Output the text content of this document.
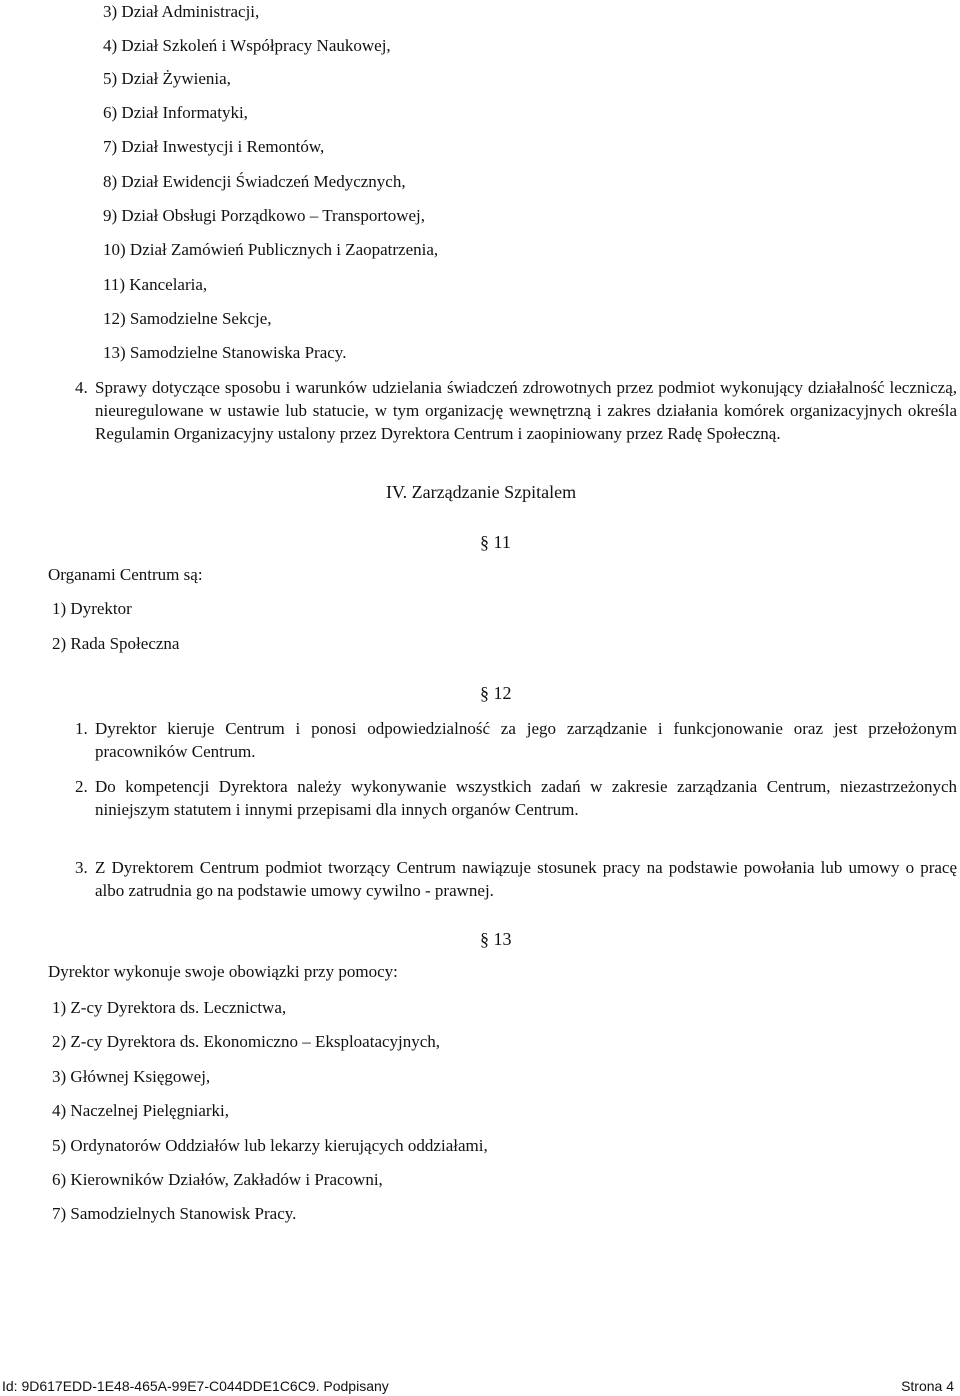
3) Dział Administracji,
4) Dział Szkoleń i Współpracy Naukowej,
5) Dział Żywienia,
6) Dział Informatyki,
7) Dział Inwestycji i Remontów,
8) Dział Ewidencji Świadczeń Medycznych,
9) Dział Obsługi Porządkowo – Transportowej,
10) Dział Zamówień Publicznych i Zaopatrzenia,
11) Kancelaria,
12) Samodzielne Sekcje,
13) Samodzielne Stanowiska Pracy.
4. Sprawy dotyczące sposobu i warunków udzielania świadczeń zdrowotnych przez podmiot wykonujący działalność leczniczą, nieuregulowane w ustawie lub statucie, w tym organizację wewnętrzną i zakres działania komórek organizacyjnych określa Regulamin Organizacyjny ustalony przez Dyrektora Centrum i zaopiniowany przez Radę Społeczną.
IV. Zarządzanie Szpitalem
§ 11
Organami Centrum są:
1) Dyrektor
2) Rada Społeczna
§ 12
1. Dyrektor kieruje Centrum i ponosi odpowiedzialność za jego zarządzanie i funkcjonowanie oraz jest przełożonym pracowników Centrum.
2. Do kompetencji Dyrektora należy wykonywanie wszystkich zadań w zakresie zarządzania Centrum, niezastrzeżonych niniejszym statutem i innymi przepisami dla innych organów Centrum.
3. Z Dyrektorem Centrum podmiot tworzący Centrum nawiązuje stosunek pracy na podstawie powołania lub umowy o pracę albo zatrudnia go na podstawie umowy cywilno - prawnej.
§ 13
Dyrektor wykonuje swoje obowiązki przy pomocy:
1) Z-cy Dyrektora ds. Lecznictwa,
2) Z-cy Dyrektora ds. Ekonomiczno – Eksploatacyjnych,
3) Głównej Księgowej,
4) Naczelnej Pielęgniarki,
5) Ordynatorów Oddziałów lub lekarzy kierujących oddziałami,
6) Kierowników Działów, Zakładów i Pracowni,
7) Samodzielnych Stanowisk Pracy.
Id: 9D617EDD-1E48-465A-99E7-C044DDE1C6C9. Podpisany	Strona 4
